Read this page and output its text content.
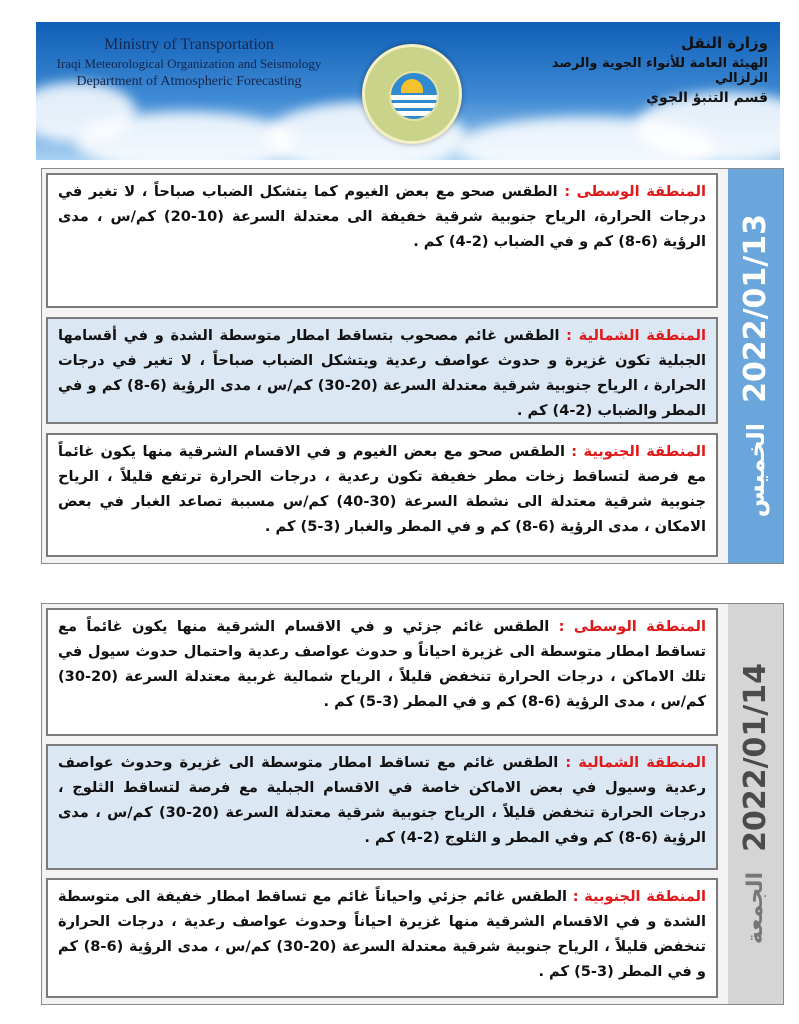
Ministry of Transportation
Iraqi Meteorological Organization and Seismology
Department of Atmospheric Forecasting
وزارة النقل
الهيئة العامة للأنواء الجوية والرصد الزلزالي
قسم التنبؤ الجوي
2022/01/13
الخميس
المنطقة الوسطى : الطقس صحو مع بعض الغيوم كما يتشكل الضباب صباحاً ، لا تغير في درجات الحرارة، الرياح جنوبية شرقية خفيفة الى معتدلة السرعة (10-20) كم/س ، مدى الرؤية (6-8) كم و في الضباب (2-4) كم .
المنطقة الشمالية : الطقس غائم مصحوب بتساقط امطار متوسطة الشدة و في أقسامها الجبلية تكون غزيرة و حدوث عواصف رعدية ويتشكل الضباب صباحاً ، لا تغير في درجات الحرارة ، الرياح جنوبية شرقية معتدلة السرعة (20-30) كم/س ، مدى الرؤية (6-8) كم و في المطر والضباب (2-4) كم .
المنطقة الجنوبية : الطقس صحو مع بعض الغيوم و في الاقسام الشرقية منها يكون غائماً مع فرصة لتساقط زخات مطر خفيفة تكون رعدية ، درجات الحرارة ترتفع قليلاً ، الرياح جنوبية شرقية معتدلة الى نشطة السرعة (30-40) كم/س مسببة تصاعد الغبار في بعض الامكان ، مدى الرؤية (6-8) كم و في المطر والغبار (3-5) كم .
2022/01/14
الجمعة
المنطقة الوسطى : الطقس غائم جزئي و في الاقسام الشرقية منها يكون غائماً مع تساقط امطار متوسطة الى غزيرة احياناً و حدوث عواصف رعدية واحتمال حدوث سيول في تلك الاماكن ، درجات الحرارة تنخفض قليلاً ، الرياح شمالية غربية معتدلة السرعة (20-30) كم/س ، مدى الرؤية (6-8) كم و في المطر (3-5) كم .
المنطقة الشمالية : الطقس غائم مع تساقط امطار متوسطة الى غزيرة وحدوث عواصف رعدية وسيول في بعض الاماكن خاصة في الاقسام الجبلية مع فرصة لتساقط الثلوج ، درجات الحرارة تنخفض قليلاً ، الرياح جنوبية شرقية معتدلة السرعة (20-30) كم/س ، مدى الرؤية (6-8) كم وفي المطر و الثلوج (2-4) كم .
المنطقة الجنوبية : الطقس غائم جزئي واحياناً غائم مع تساقط امطار خفيفة الى متوسطة الشدة و في الاقسام الشرقية منها غزيرة احياناً وحدوث عواصف رعدية ، درجات الحرارة تنخفض قليلاً ، الرياح جنوبية شرقية معتدلة السرعة (20-30) كم/س ، مدى الرؤية (6-8) كم و في المطر (3-5) كم .
